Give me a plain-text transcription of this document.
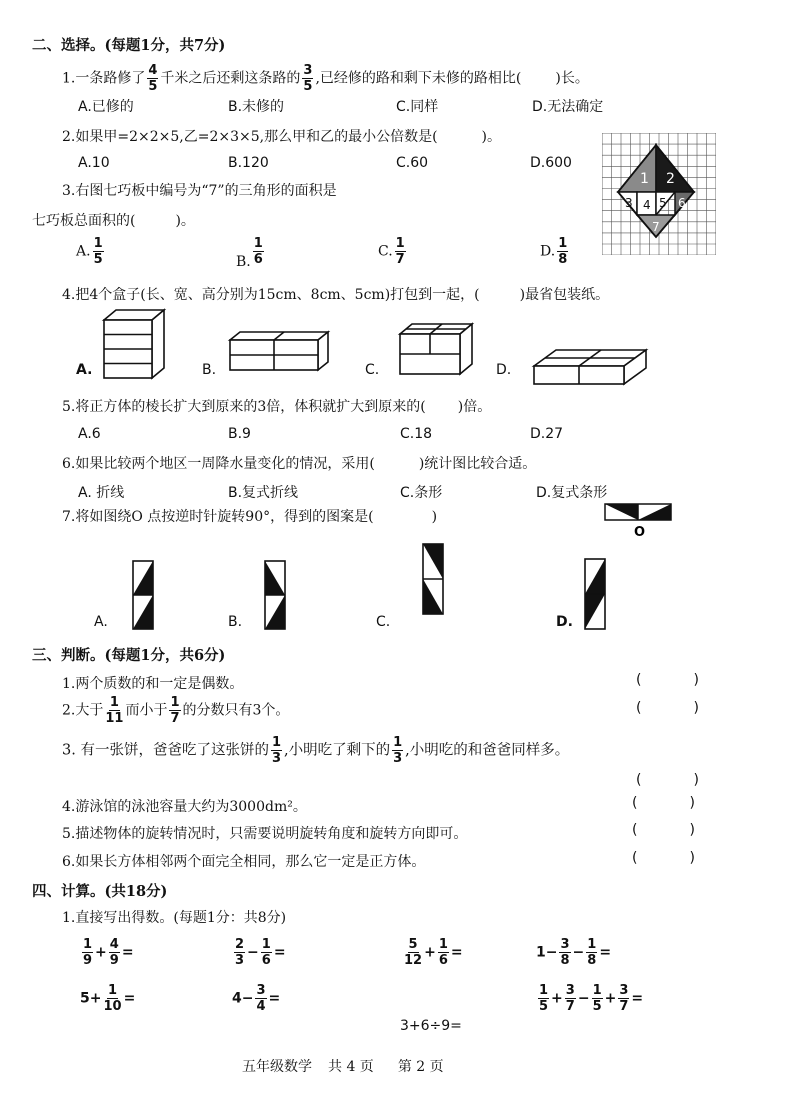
二、选择。(每题1分，共7分)
1.一条路修了 $\frac{4}{5}$ 千米之后还剩这条路的 $\frac{3}{5}$ ,已经修的路和剩下未修的路相比( )长。
A.已修的	B.未修的	C.同样	D.无法确定
2.如果甲=2×2×5,乙=2×3×5,那么甲和乙的最小公倍数是(	)。
A.10	B.120	C.60	D.600
3.右图七巧板中编号为“7”的三角形的面积是
七巧板总面积的(	)。
A. $\frac{1}{5}$	B. $\frac{1}{6}$	C. $\frac{1}{7}$	D. $\frac{1}{8}$
1 2
3 4 5 6
7
4.把4个盒子(长、宽、高分别为15cm、8cm、5cm)打包到一起，(	)最省包装纸。
A.	B.	C.	D.
5.将正方体的棱长扩大到原来的3倍，体积就扩大到原来的( )倍。
A.6	B.9	C.18	D.27
6.如果比较两个地区一周降水量变化的情况，采用(	)统计图比较合适。
A. 折线	B.复式折线	C.条形	D.复式条形
7.将如图绕O 点按逆时针旋转90°，得到的图案是(	)
O
A.	B.	C.	D.
三、判断。(每题1分，共6分)
1.两个质数的和一定是偶数。
2.大于 $\frac{1}{11}$ 而小于 $\frac{1}{7}$ 的分数只有3个。
3. 有一张饼，爸爸吃了这张饼的 $\frac{1}{3}$ ,小明吃了剩下的 $\frac{1}{3}$ ,小明吃的和爸爸同样多。
4.游泳馆的泳池容量大约为3000dm²。
5.描述物体的旋转情况时，只需要说明旋转角度和旋转方向即可。
6.如果长方体相邻两个面完全相同，那么它一定是正方体。
(	)
(	)
(	)
(	)
(	)
(	)
四、计算。(共18分)
1.直接写出得数。(每题1分：共8分)
$\frac{1}{9} + \frac{4}{9}$ =	$\frac{2}{3} - \frac{1}{6}$ =	$\frac{5}{12} + \frac{1}{6}$ =	$1- \frac{3}{8} - \frac{1}{8}$ =
$5+ \frac{1}{10}$ =	$4- \frac{3}{4}$ =	$\frac{1}{5} + \frac{3}{7} - \frac{1}{5} + \frac{3}{7}$ =
3+6÷9=
五年级数学 共 4 页 第 2 页
